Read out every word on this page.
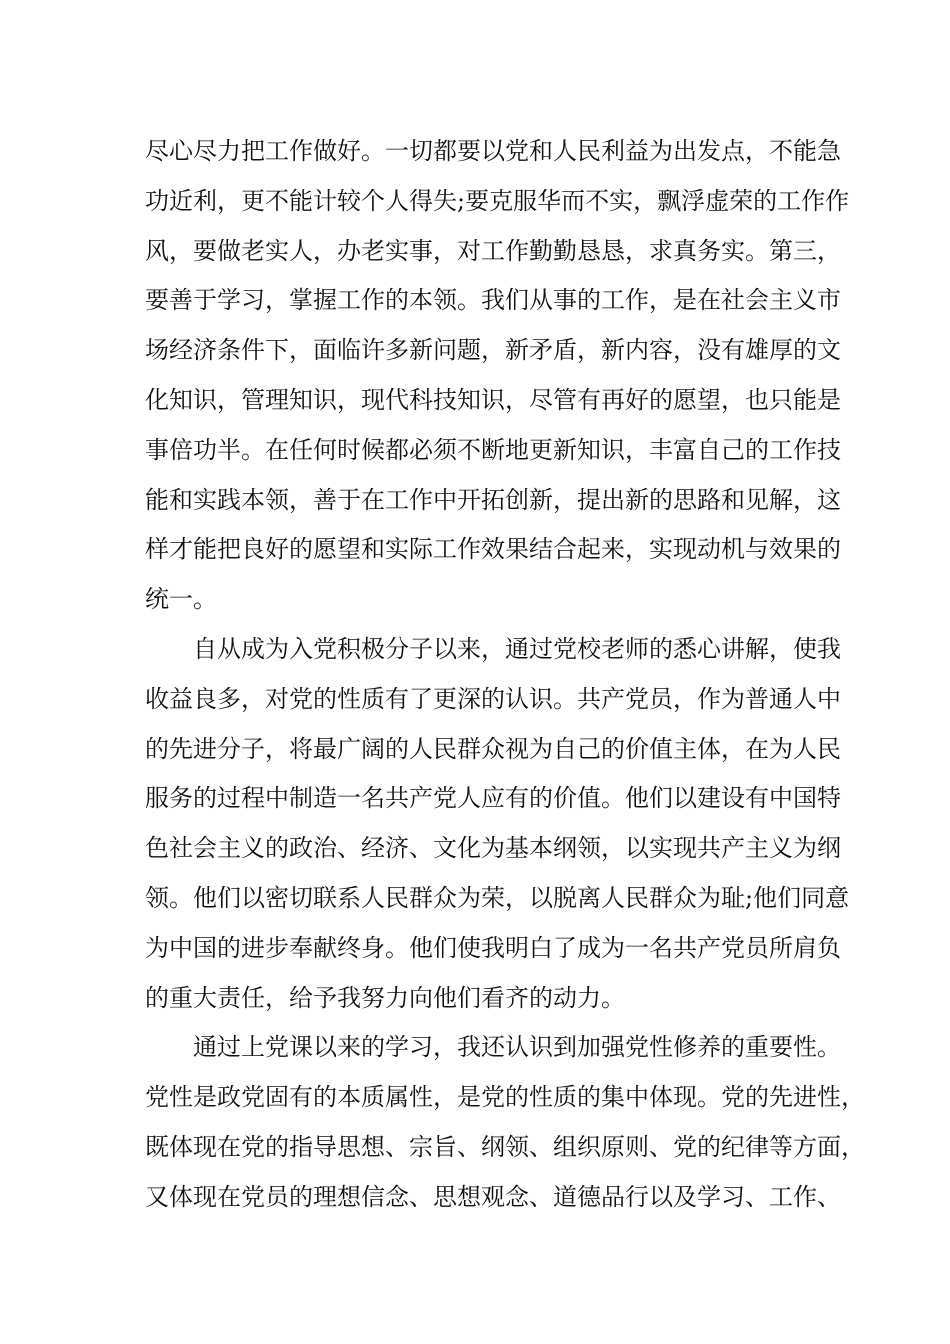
尽心尽力把工作做好。一切都要以党和人民利益为出发点，不能急
功近利，更不能计较个人得失;要克服华而不实，飘浮虚荣的工作作
风，要做老实人，办老实事，对工作勤勤恳恳，求真务实。第三，
要善于学习，掌握工作的本领。我们从事的工作，是在社会主义市
场经济条件下，面临许多新问题，新矛盾，新内容，没有雄厚的文
化知识，管理知识，现代科技知识，尽管有再好的愿望，也只能是
事倍功半。在任何时候都必须不断地更新知识，丰富自己的工作技
能和实践本领，善于在工作中开拓创新，提出新的思路和见解，这
样才能把良好的愿望和实际工作效果结合起来，实现动机与效果的
统一。
自从成为入党积极分子以来，通过党校老师的悉心讲解，使我
收益良多，对党的性质有了更深的认识。共产党员，作为普通人中
的先进分子，将最广阔的人民群众视为自己的价值主体，在为人民
服务的过程中制造一名共产党人应有的价值。他们以建设有中国特
色社会主义的政治、经济、文化为基本纲领，以实现共产主义为纲
领。他们以密切联系人民群众为荣，以脱离人民群众为耻;他们同意
为中国的进步奉献终身。他们使我明白了成为一名共产党员所肩负
的重大责任，给予我努力向他们看齐的动力。
通过上党课以来的学习，我还认识到加强党性修养的重要性。
党性是政党固有的本质属性，是党的性质的集中体现。党的先进性，
既体现在党的指导思想、宗旨、纲领、组织原则、党的纪律等方面，
又体现在党员的理想信念、思想观念、道德品行以及学习、工作、
